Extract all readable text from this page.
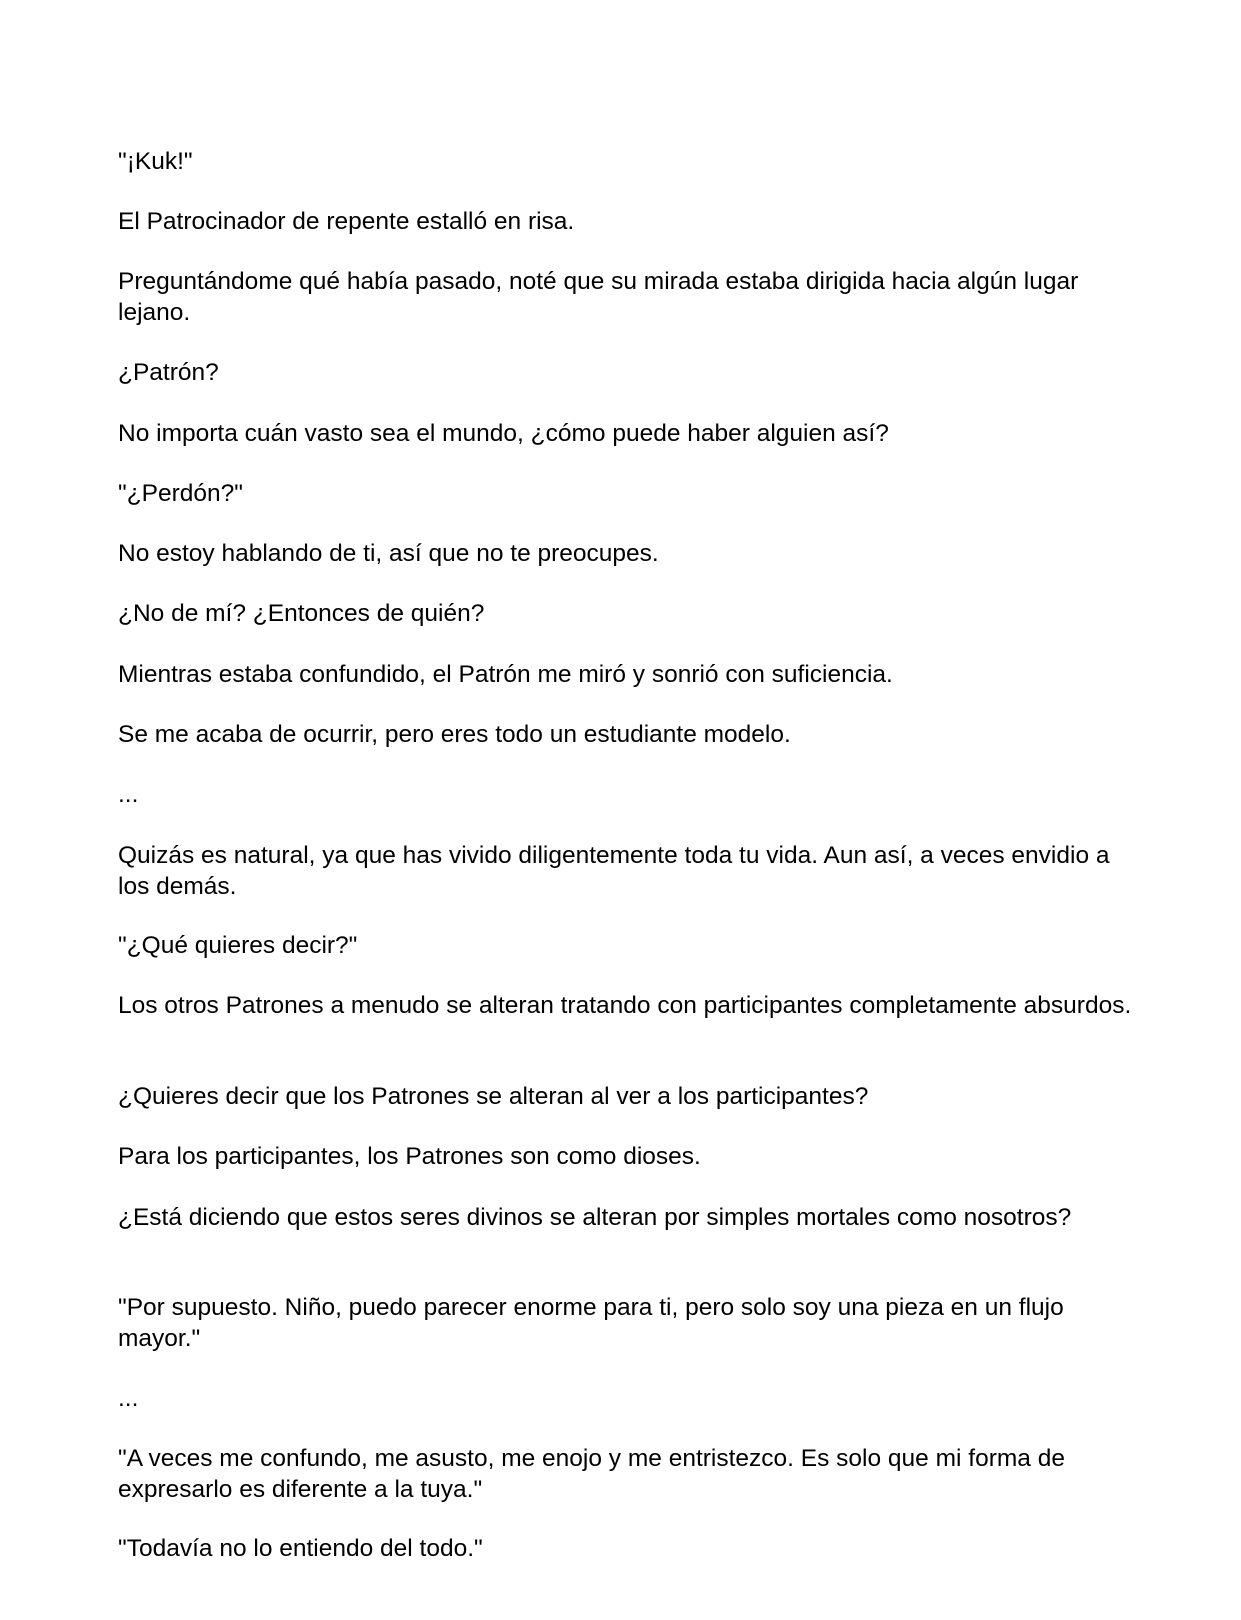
"¡Kuk!"

El Patrocinador de repente estalló en risa.

Preguntándome qué había pasado, noté que su mirada estaba dirigida hacia algún lugar lejano.

¿Patrón?

No importa cuán vasto sea el mundo, ¿cómo puede haber alguien así?

"¿Perdón?"

No estoy hablando de ti, así que no te preocupes.

¿No de mí? ¿Entonces de quién?

Mientras estaba confundido, el Patrón me miró y sonrió con suficiencia.

Se me acaba de ocurrir, pero eres todo un estudiante modelo.

...

Quizás es natural, ya que has vivido diligentemente toda tu vida. Aun así, a veces envidio a los demás.

"¿Qué quieres decir?"

Los otros Patrones a menudo se alteran tratando con participantes completamente absurdos.

¿Quieres decir que los Patrones se alteran al ver a los participantes?

Para los participantes, los Patrones son como dioses.

¿Está diciendo que estos seres divinos se alteran por simples mortales como nosotros?

"Por supuesto. Niño, puedo parecer enorme para ti, pero solo soy una pieza en un flujo mayor."

...

"A veces me confundo, me asusto, me enojo y me entristezco. Es solo que mi forma de expresarlo es diferente a la tuya."

"Todavía no lo entiendo del todo."
